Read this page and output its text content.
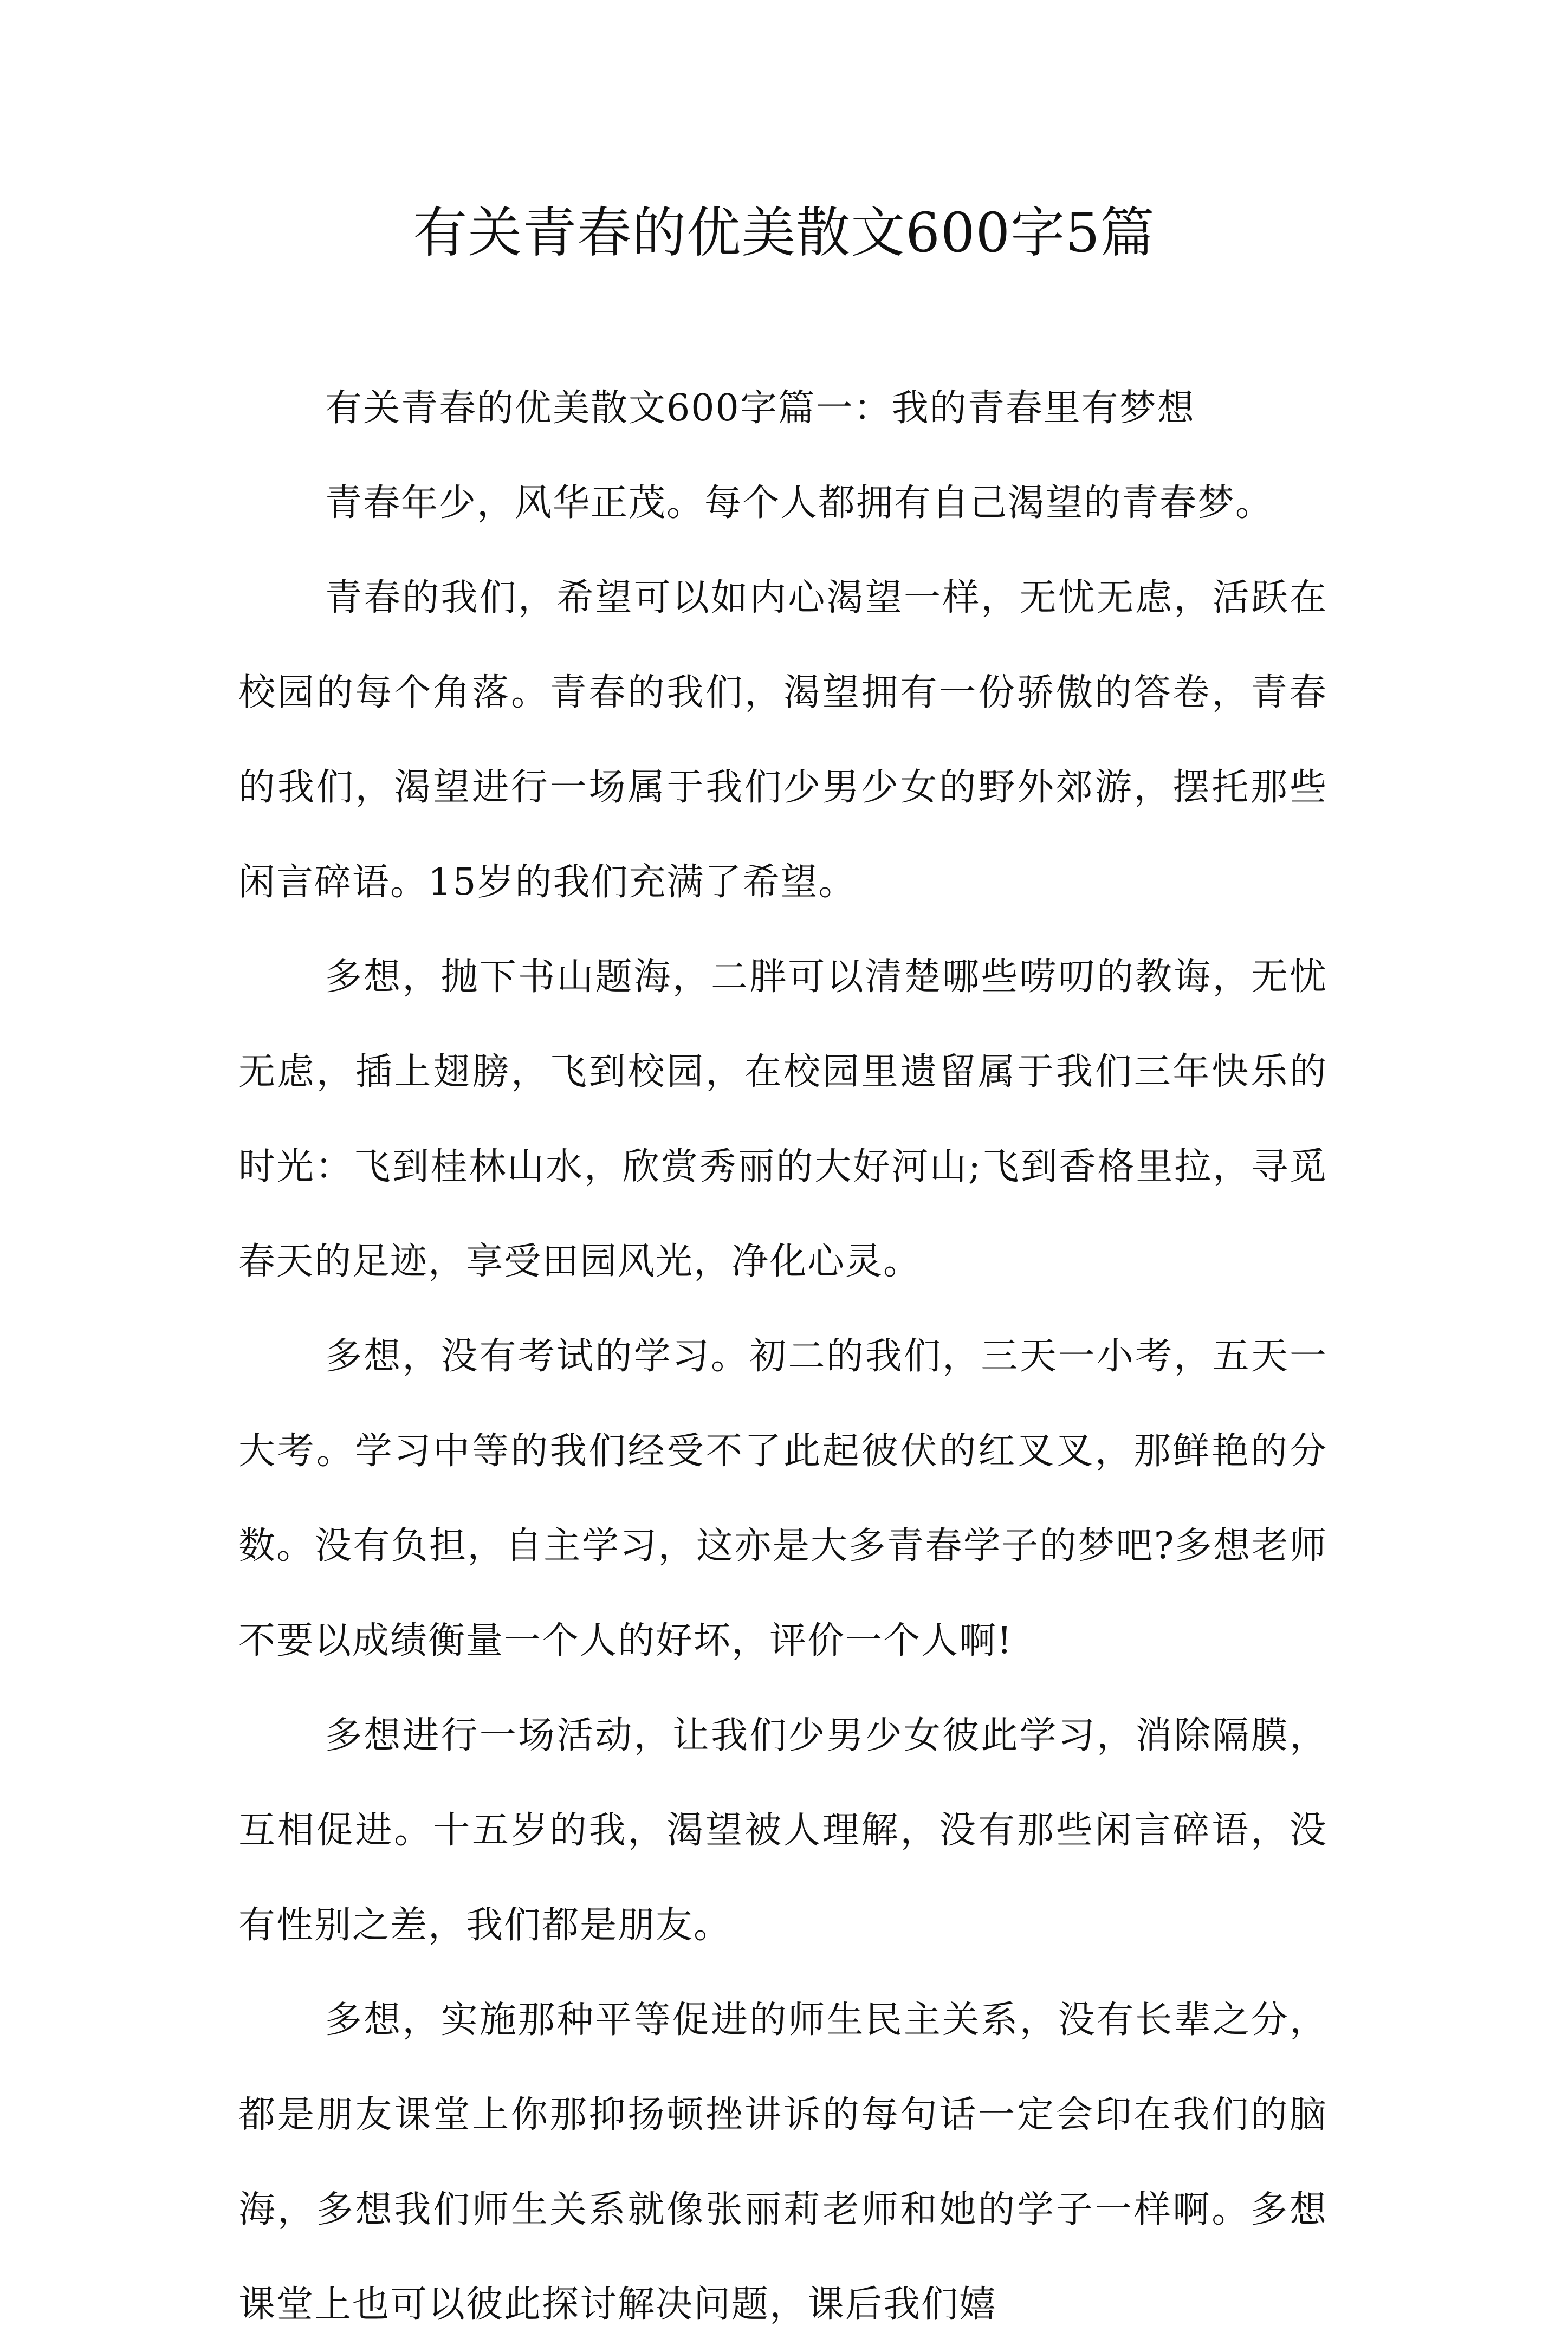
有关青春的优美散文600字5篇

有关青春的优美散文600字篇一：我的青春里有梦想

青春年少，风华正茂。每个人都拥有自己渴望的青春梦。

青春的我们，希望可以如内心渴望一样，无忧无虑，活跃在校园的每个角落。青春的我们，渴望拥有一份骄傲的答卷，青春的我们，渴望进行一场属于我们少男少女的野外郊游，摆托那些闲言碎语。15岁的我们充满了希望。

多想，抛下书山题海，二胖可以清楚哪些唠叨的教诲，无忧无虑，插上翅膀，飞到校园，在校园里遗留属于我们三年快乐的时光：飞到桂林山水，欣赏秀丽的大好河山;飞到香格里拉，寻觅春天的足迹，享受田园风光，净化心灵。

多想，没有考试的学习。初二的我们，三天一小考，五天一大考。学习中等的我们经受不了此起彼伏的红叉叉，那鲜艳的分数。没有负担，自主学习，这亦是大多青春学子的梦吧?多想老师不要以成绩衡量一个人的好坏，评价一个人啊!

多想进行一场活动，让我们少男少女彼此学习，消除隔膜，互相促进。十五岁的我，渴望被人理解，没有那些闲言碎语，没有性别之差，我们都是朋友。

多想，实施那种平等促进的师生民主关系，没有长辈之分，都是朋友课堂上你那抑扬顿挫讲诉的每句话一定会印在我们的脑海，多想我们师生关系就像张丽莉老师和她的学子一样啊。多想课堂上也可以彼此探讨解决问题，课后我们嬉
